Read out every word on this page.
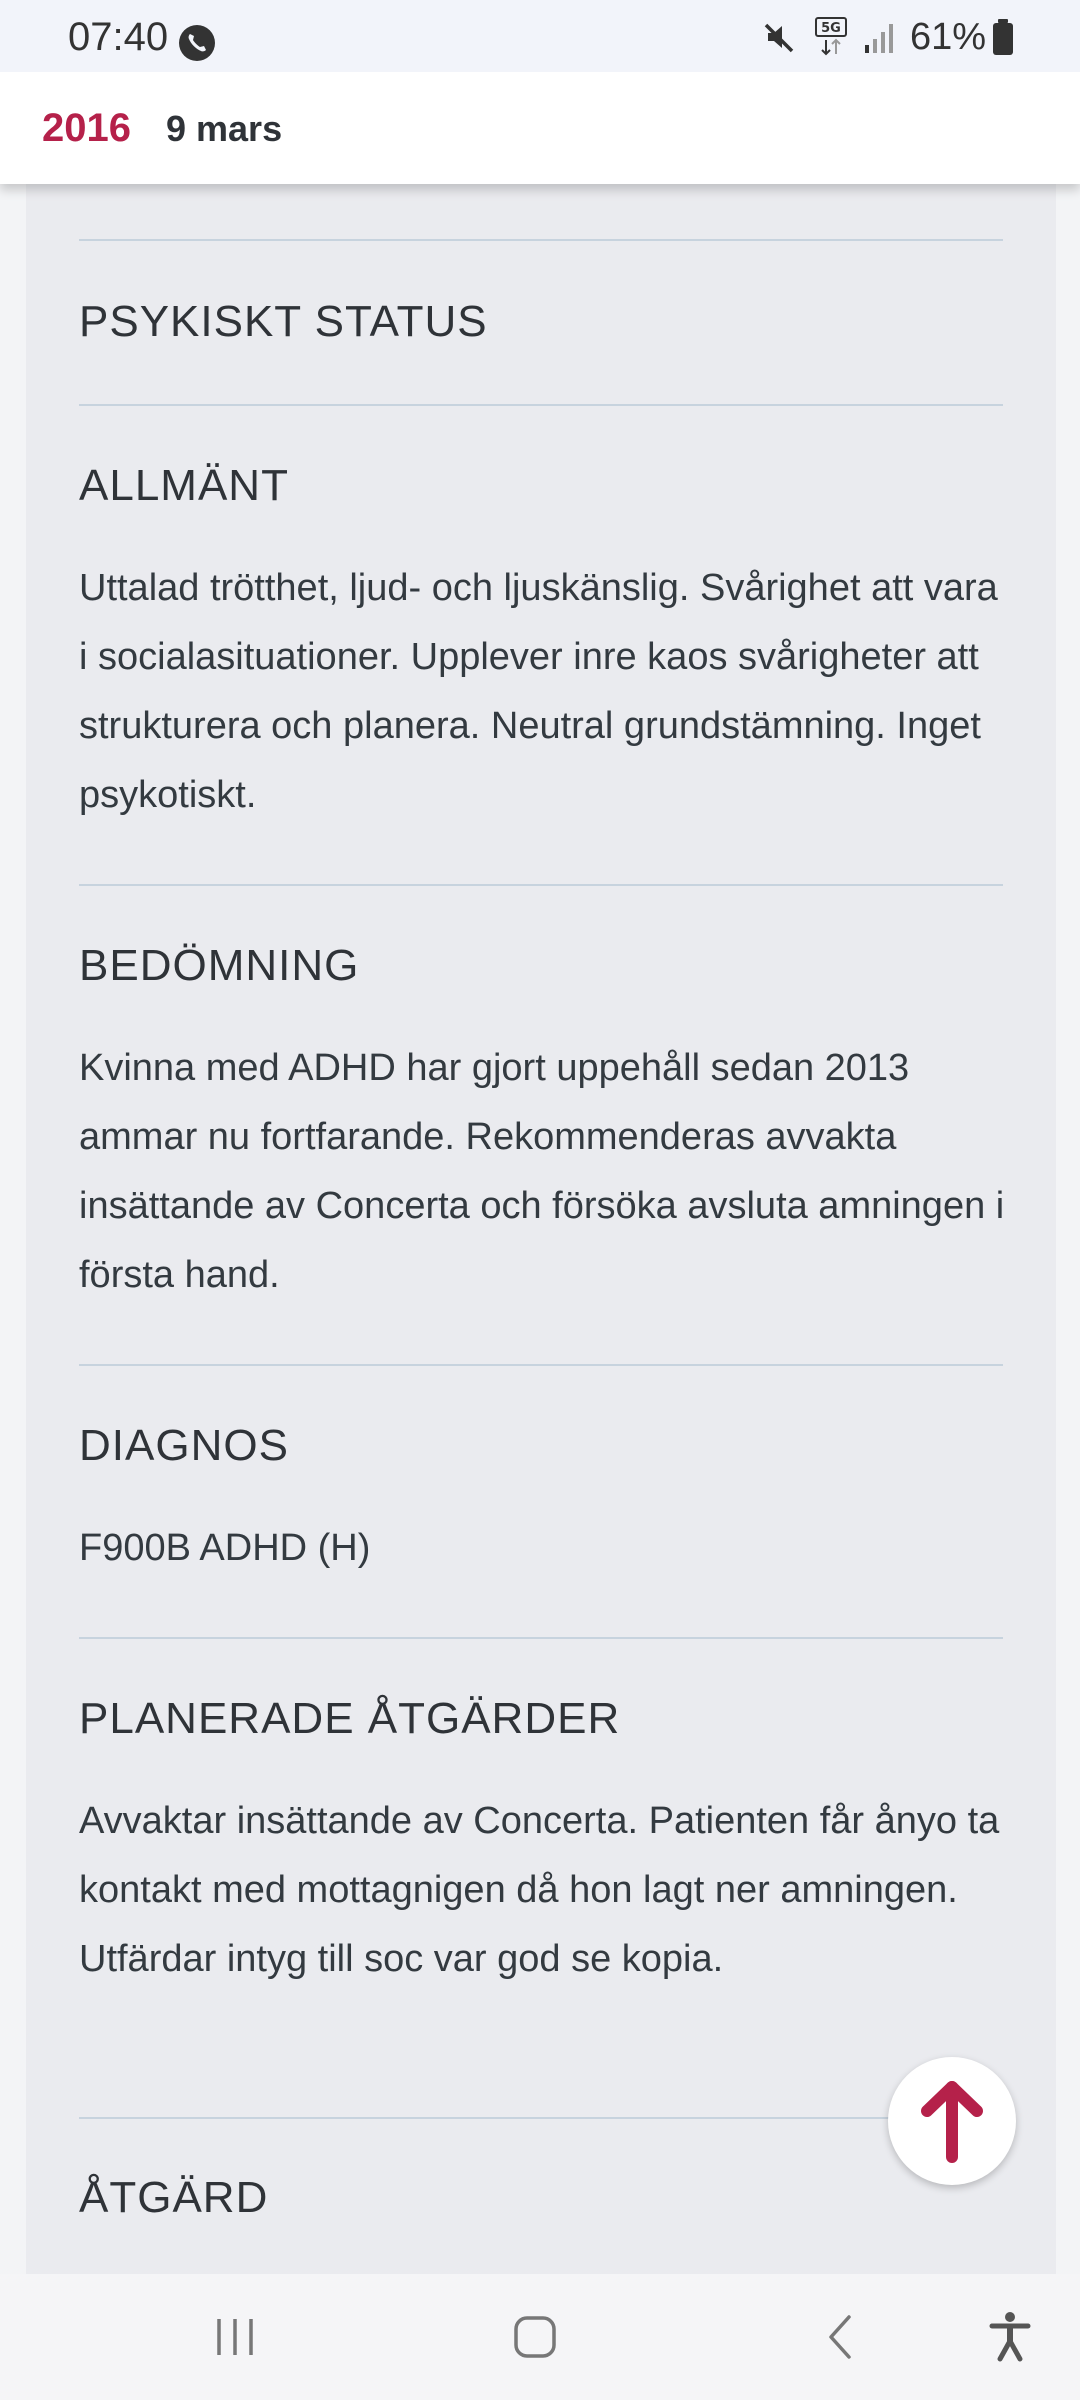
07:40	5G 61%
2016 9 mars
PSYKISKT STATUS
ALLMÄNT

Uttalad trötthet, ljud- och ljuskänslig. Svårighet att vara i socialasituationer. Upplever inre kaos svårigheter att strukturera och planera. Neutral grundstämning. Inget psykotiskt.

BEDÖMNING

Kvinna med ADHD har gjort uppehåll sedan 2013 ammar nu fortfarande. Rekommenderas avvakta insättande av Concerta och försöka avsluta amningen i första hand.

DIAGNOS

F900B ADHD (H)

PLANERADE ÅTGÄRDER

Avvaktar insättande av Concerta. Patienten får ånyo ta kontakt med mottagnigen då hon lagt ner amningen. Utfärdar intyg till soc var god se kopia.

ÅTGÄRD
